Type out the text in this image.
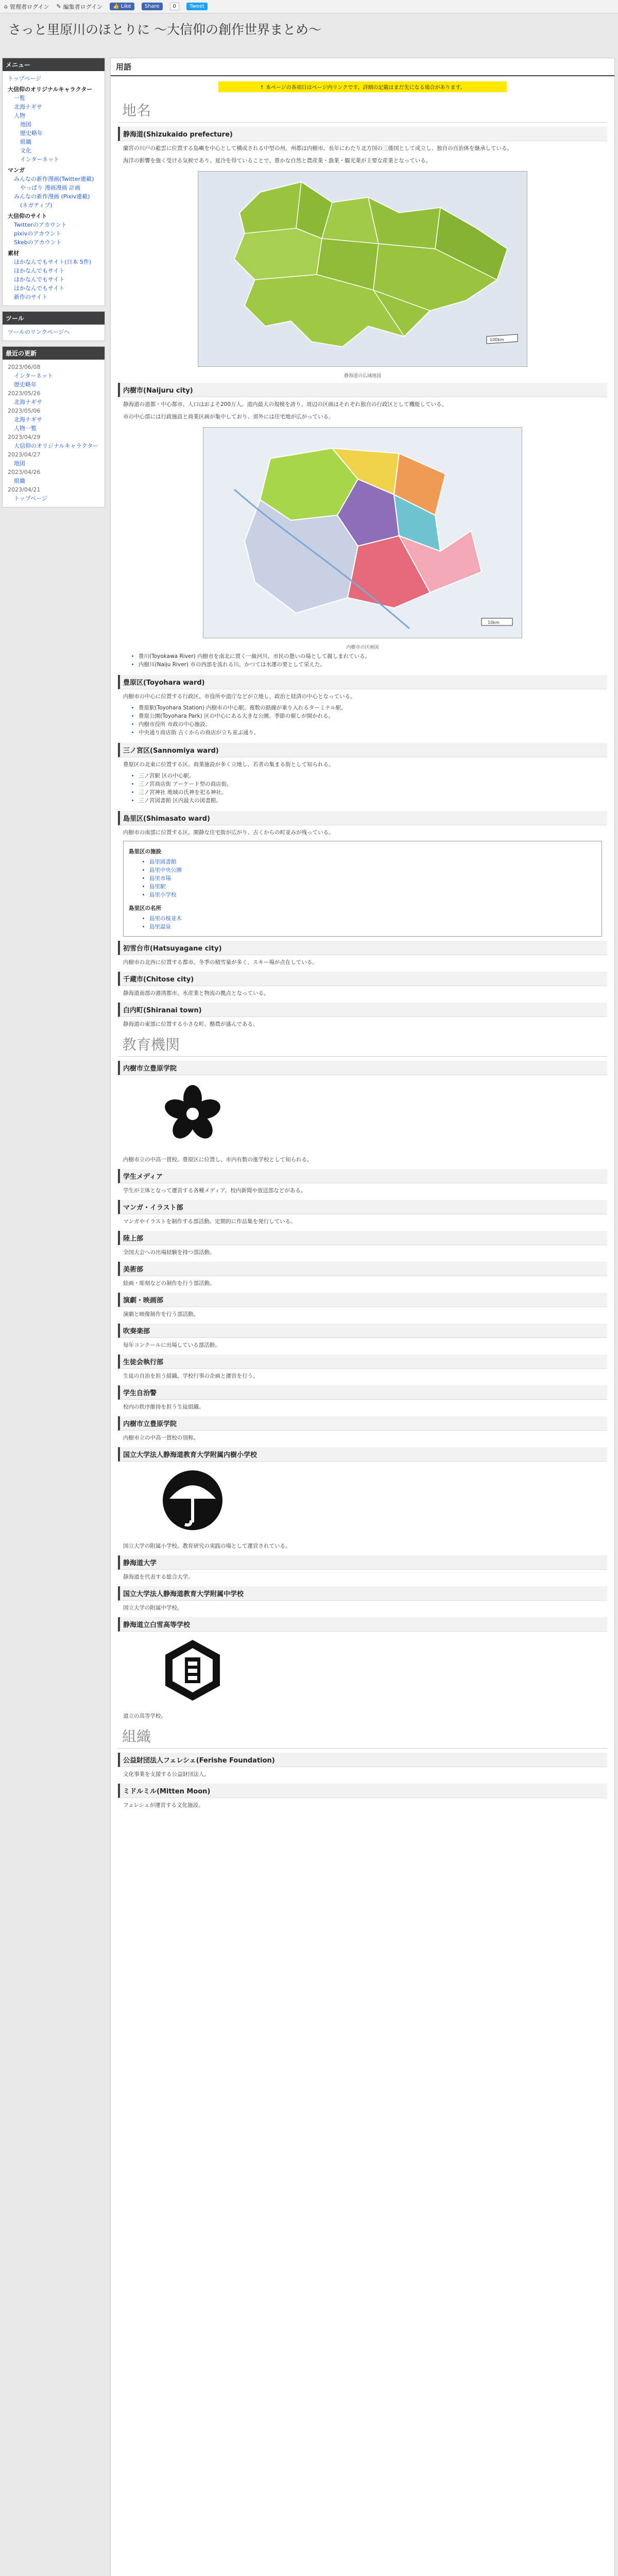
⌂ 管理者ログイン ✎ 編集者ログイン	👍 Like	Share	0	Tweet
さっと里原川のほとりに 〜大信仰の創作世界まとめ〜
メニュー
トップページ
大信仰のオリジナルキャラクター
一覧
北海ナギサ
人物
地図
歴史略年
組織
文化
インターネット
マンガ
みんなの新作漫画(Twitter連載)
やっぱり 漫画漫画 計画
みんなの新作漫画 (Pixiv連載)
(ネガティブ)
大信仰のサイト
Twitterのアカウント
pixivのアカウント
Skebのアカウント
素材
ほかなんでもサイト(日本 5件)
ほかなんでもサイト
ほかなんでもサイト
ほかなんでもサイト
新作のサイト
ツール
ツールのリンクページへ
最近の更新
2023/06/08
インターネット
歴史略年
2023/05/26
北海ナギサ
2023/05/06
北海ナギサ
人物一覧
2023/04/29
大信仰のオリジナルキャラクター
2023/04/27
地図
2023/04/26
組織
2023/04/21
トップページ
用語
↑ 本ページの各項目はページ内リンクです。詳細の記載はまだ先になる場合があります。
地名
静海道(Shizukaido prefecture)

蘭宮の川戸の藍雲に位置する島嶼を中心として構成される中型の州。州都は内樹市。長年にわたり北方国の三倭国として成立し、独自の自治体を継承している。

海洋の影響を強く受ける気候であり、夏冷を得ていることで、豊かな自然と農産業・漁業・観光業が主要な産業となっている。

100km
静海道の広域地図
内樹市(Naijuru city)

静海道の道都・中心都市。人口はおよそ200万人。道内最大の規模を誇り、周辺の区画はそれぞれ独自の行政区として機能している。

市の中心部には行政施設と商業区画が集中しており、郊外には住宅地が広がっている。

10km
内樹市の区画図
• 豊川(Toyokawa River) 内樹市を南北に貫く一級河川。市民の憩いの場として親しまれている。
• 内樹川(Naiju River) 市の西部を流れる川。かつては水運の要として栄えた。
豊原区(Toyohara ward)

内樹市の中心に位置する行政区。市役所や道庁などが立地し、政治と経済の中心となっている。

• 豊原駅(Toyohara Station) 内樹市の中心駅。複数の路線が乗り入れるターミナル駅。
• 豊原公園(Toyohara Park) 区の中心にある大きな公園。季節の催しが開かれる。
• 内樹市役所 市政の中心施設。
• 中央通り商店街 古くからの商店が立ち並ぶ通り。
三ノ宮区(Sannomiya ward)

豊原区の北東に位置する区。商業施設が多く立地し、若者の集まる街として知られる。

• 三ノ宮駅 区の中心駅。
• 三ノ宮商店街 アーケード型の商店街。
• 三ノ宮神社 地域の氏神を祀る神社。
• 三ノ宮図書館 区内最大の図書館。
島里区(Shimasato ward)

内樹市の南部に位置する区。閑静な住宅街が広がり、古くからの町並みが残っている。

島里区の施設
• 島里図書館
• 島里中央公園
• 島里市場
• 島里駅
• 島里小学校
島里区の名所
• 島里の桜並木
• 島里温泉
初雪台市(Hatsuyagane city)

内樹市の北西に位置する都市。冬季の積雪量が多く、スキー場が点在している。

千蔵市(Chitose city)

静海道南部の港湾都市。水産業と物流の拠点となっている。

白内町(Shiranai town)

静海道の東部に位置する小さな町。酪農が盛んである。

教育機関
内樹市立豊原学院

内樹市立の中高一貫校。豊原区に位置し、市内有数の進学校として知られる。

学生メディア

学生が主体となって運営する各種メディア。校内新聞や放送部などがある。

マンガ・イラスト部

マンガやイラストを制作する部活動。定期的に作品集を発行している。

陸上部

全国大会への出場経験を持つ部活動。

美術部

絵画・彫刻などの制作を行う部活動。

演劇・映画部

演劇と映像制作を行う部活動。

吹奏楽部

毎年コンクールに出場している部活動。

生徒会執行部

生徒の自治を担う組織。学校行事の企画と運営を行う。

学生自治警

校内の秩序維持を担う生徒組織。

内樹市立豊原学院

内樹市立の中高一貫校の別称。

国立大学法人静海道教育大学附属内樹小学校

国立大学の附属小学校。教育研究の実践の場として運営されている。

静海道大学

静海道を代表する総合大学。

国立大学法人静海道教育大学附属中学校

国立大学の附属中学校。

静海道立白雪高等学校

道立の高等学校。

組織
公益財団法人フェレシェ(Ferishe Foundation)

文化事業を支援する公益財団法人。

ミドルミル(Mitten Moon)

フェレシェが運営する文化施設。
